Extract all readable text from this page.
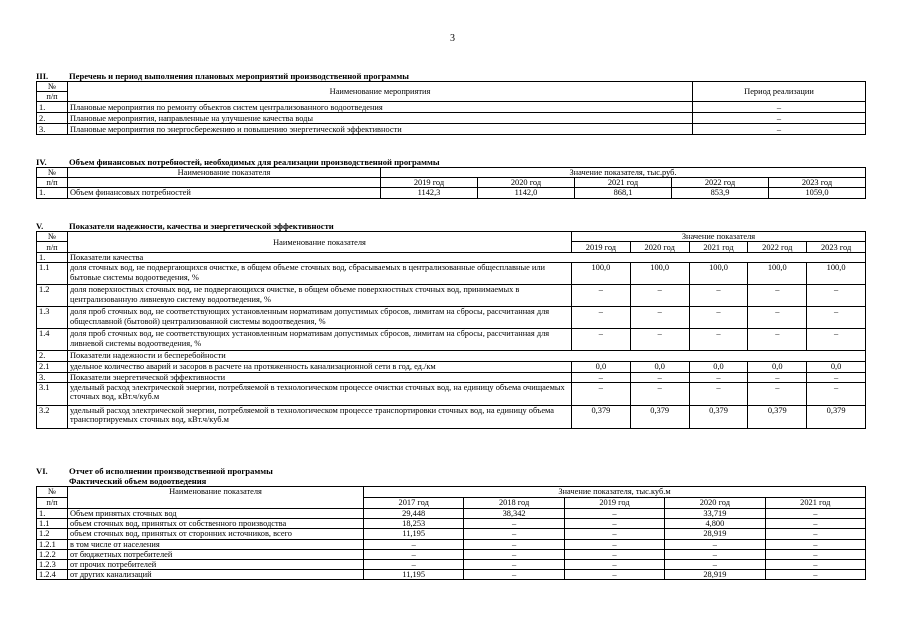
3
III.	Перечень и период выполнения плановых мероприятий производственной программы
№	Наименование мероприятия	Период реализации
п/п		
1.	Плановые мероприятия по ремонту объектов систем централизованного водоотведения	–
2.	Плановые мероприятия, направленные на улучшение качества воды	–
3.	Плановые мероприятия по энергосбережению и повышению энергетической эффективности	–
IV.	Объем финансовых потребностей, необходимых для реализации производственной программы
№	Наименование показателя	Значение показателя, тыс.руб.				
п/п		2019 год	2020 год	2021 год	2022 год	2023 год
1.	Объем финансовых потребностей	1142,3	1142,0	868,1	853,9	1059,0
V.	Показатели надежности, качества и энергетической эффективности
№	Наименование показателя	Значение показателя				
п/п		2019 год	2020 год	2021 год	2022 год	2023 год
1.	Показатели качества					
1.1	доля сточных вод, не подвергающихся очистке, в общем объеме сточных вод, сбрасываемых в централизованные общесплавные или бытовые системы водоотведения, %	100,0	100,0	100,0	100,0	100,0
1.2	доля поверхностных сточных вод, не подвергающихся очистке, в общем объеме поверхностных сточных вод, принимаемых в централизованную ливневую систему водоотведения, %	–	–	–	–	–
1.3	доля проб сточных вод, не соответствующих установленным нормативам допустимых сбросов, лимитам на сбросы, рассчитанная для общесплавной (бытовой) централизованной системы водоотведения, %	–	–	–	–	–
1.4	доля проб сточных вод, не соответствующих установленным нормативам допустимых сбросов, лимитам на сбросы, рассчитанная для ливневой системы водоотведения, %	–	–	–	–	–
2.	Показатели надежности и бесперебойности					
2.1	удельное количество аварий и засоров в расчете на протяженность канализационной сети в год, ед./км	0,0	0,0	0,0	0,0	0,0
3.	Показатели энергетической эффективности	–	–	–	–	–
3.1	удельный расход электрической энергии, потребляемой в технологическом процессе очистки сточных вод, на единицу объема очищаемых сточных вод, кВт.ч/куб.м	–	–	–	–	–
3.2	удельный расход электрической энергии, потребляемой в технологическом процессе транспортировки сточных вод, на единицу объема транспортируемых сточных вод, кВт.ч/куб.м	0,379	0,379	0,379	0,379	0,379
VI.	Отчет об исполнении производственной программы
Фактический объем водоотведения
№	Наименование показателя	Значение показателя, тыс.куб.м				
п/п		2017 год	2018 год	2019 год	2020 год	2021 год
1.	Объем принятых сточных вод	29,448	38,342	–	33,719	–
1.1	объем сточных вод, принятых от собственного производства	18,253	–	–	4,800	–
1.2	объем сточных вод, принятых от сторонних источников, всего	11,195	–	–	28,919	–
1.2.1	в том числе от населения	–	–	–	–	–
1.2.2	от бюджетных потребителей	–	–	–	–	–
1.2.3	от прочих потребителей	–	–	–	–	–
1.2.4	от других канализаций	11,195	–	–	28,919	–
